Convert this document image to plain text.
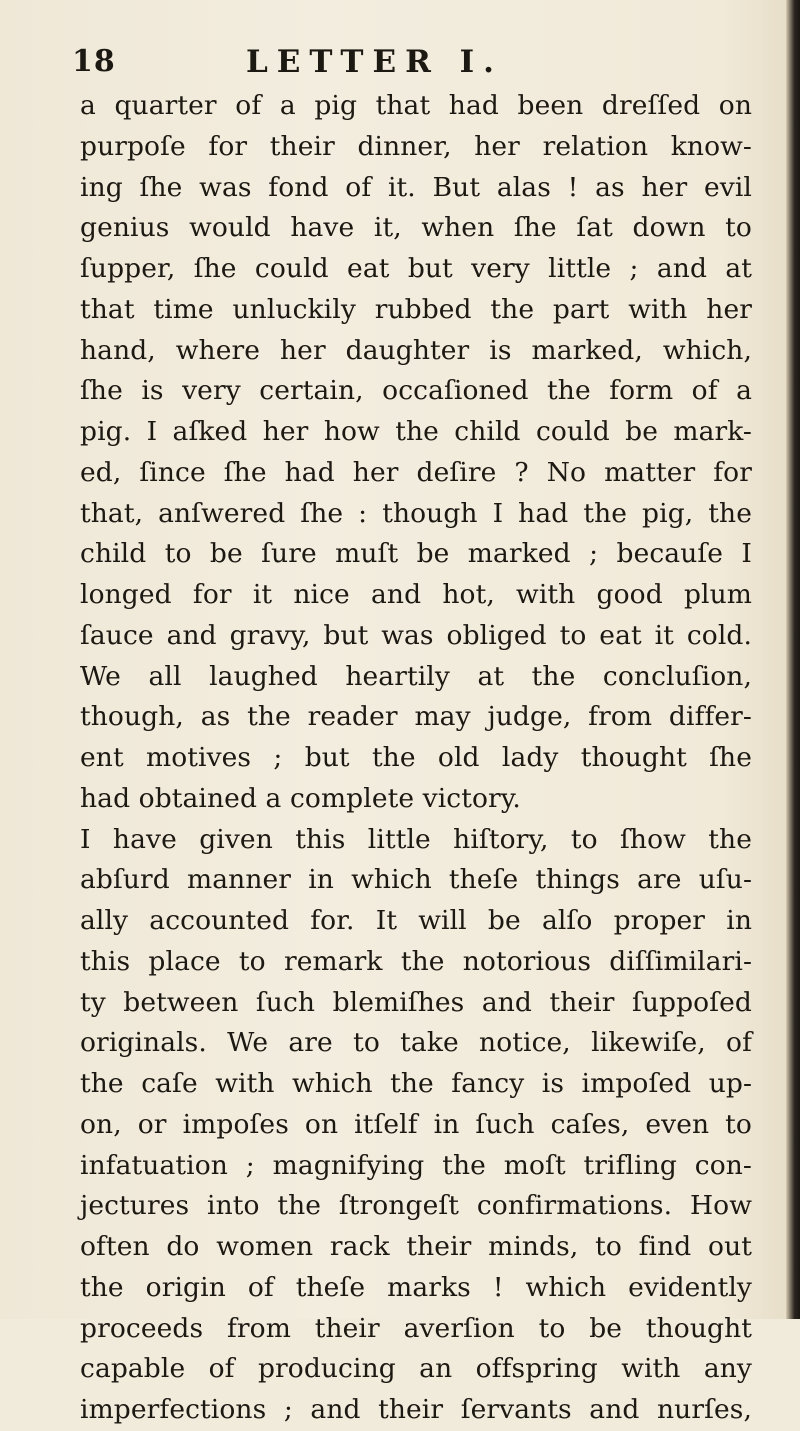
18	LETTER I.
a quarter of a pig that had been dreſſed on
purpoſe for their dinner, her relation know-
ing ſhe was fond of it. But alas ! as her evil
genius would have it, when ſhe ſat down to
ſupper, ſhe could eat but very little ; and at
that time unluckily rubbed the part with her
hand, where her daughter is marked, which,
ſhe is very certain, occaſioned the form of a
pig. I aſked her how the child could be mark-
ed, ſince ſhe had her deſire ? No matter for
that, anſwered ſhe : though I had the pig, the
child to be ſure muſt be marked ; becauſe I
longed for it nice and hot, with good plum
ſauce and gravy, but was obliged to eat it cold.
We all laughed heartily at the concluſion,
though, as the reader may judge, from differ-
ent motives ; but the old lady thought ſhe
had obtained a complete victory.
I have given this little hiſtory, to ſhow the
abſurd manner in which theſe things are uſu-
ally accounted for. It will be alſo proper in
this place to remark the notorious diſſimilari-
ty between ſuch blemiſhes and their ſuppoſed
originals. We are to take notice, likewiſe, of
the caſe with which the fancy is impoſed up-
on, or impoſes on itſelf in ſuch caſes, even to
infatuation ; magnifying the moſt trifling con-
jectures into the ſtrongeſt confirmations. How
often do women rack their minds, to find out
the origin of theſe marks ! which evidently
proceeds from their averſion to be thought
capable of producing an offspring with any
imperfections ; and their ſervants and nurſes,
